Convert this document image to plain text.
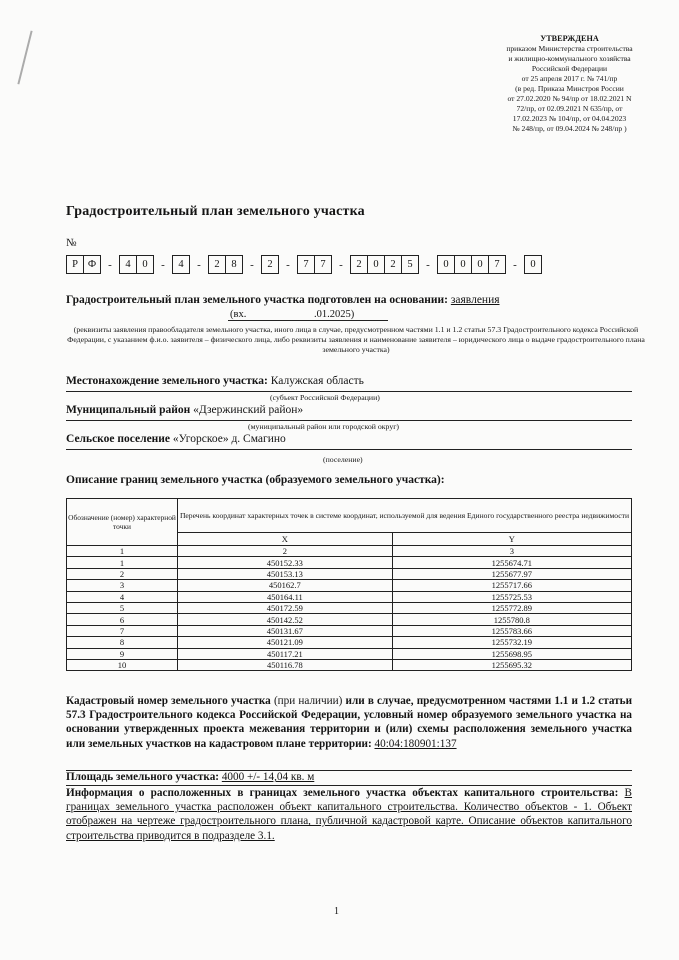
УТВЕРЖДЕНА
приказом Министерства строительства
и жилищно-коммунального хозяйства
Российской Федерации
от 25 апреля 2017 г. № 741/пр
(в ред. Приказа Минстроя России
от 27.02.2020 № 94/пр от 18.02.2021 N
72/пр, от 02.09.2021 N 635/пр, от
17.02.2023 № 104/пр, от 04.04.2023
№ 248/пр, от 09.04.2024 № 248/пр )
Градостроительный план земельного участка
№
Р Ф	-	4	0	-	4	-	2	8	-	2	-	7	7	-	2	0	2	5	-	0	0	0	7	-	0
Градостроительный план земельного участка подготовлен на основании: заявления
(вх.	.01.2025)

(реквизиты заявления правообладателя земельного участка, иного лица в случае, предусмотренном частями 1.1 и 1.2 статьи 57.3 Градостроительного кодекса Российской Федерации, с указанием ф.и.о. заявителя – физического лица, либо реквизиты заявления и наименование заявителя – юридического лица о выдаче градостроительного плана земельного участка)
Местонахождение земельного участка: Калужская область
(субъект Российской Федерации)
Муниципальный район «Дзержинский район»
(муниципальный район или городской округ)
Сельское поселение «Угорское» д. Смагино
(поселение)
Описание границ земельного участка (образуемого земельного участка):
Обозначение (номер) характерной точки	Перечень координат характерных точек в системе координат, используемой для ведения Единого государственного реестра недвижимости	
	X	Y
1	2	3
1	450152.33	1255674.71
2	450153.13	1255677.97
3	450162.7	1255717.66
4	450164.11	1255725.53
5	450172.59	1255772.89
6	450142.52	1255780.8
7	450131.67	1255783.66
8	450121.09	1255732.19
9	450117.21	1255698.95
10	450116.78	1255695.32
Кадастровый номер земельного участка (при наличии) или в случае, предусмотренном частями 1.1 и 1.2 статьи 57.3 Градостроительного кодекса Российской Федерации, условный номер образуемого земельного участка на основании утвержденных проекта межевания территории и (или) схемы расположения земельного участка или земельных участков на кадастровом плане территории: 40:04:180901:137
Площадь земельного участка: 4000 +/- 14,04 кв. м
Информация о расположенных в границах земельного участка объектах капитального строительства: В границах земельного участка расположен объект капитального строительства. Количество объектов - 1. Объект отображен на чертеже градостроительного плана, публичной кадастровой карте. Описание объектов капитального строительства приводится в подразделе 3.1.
1
